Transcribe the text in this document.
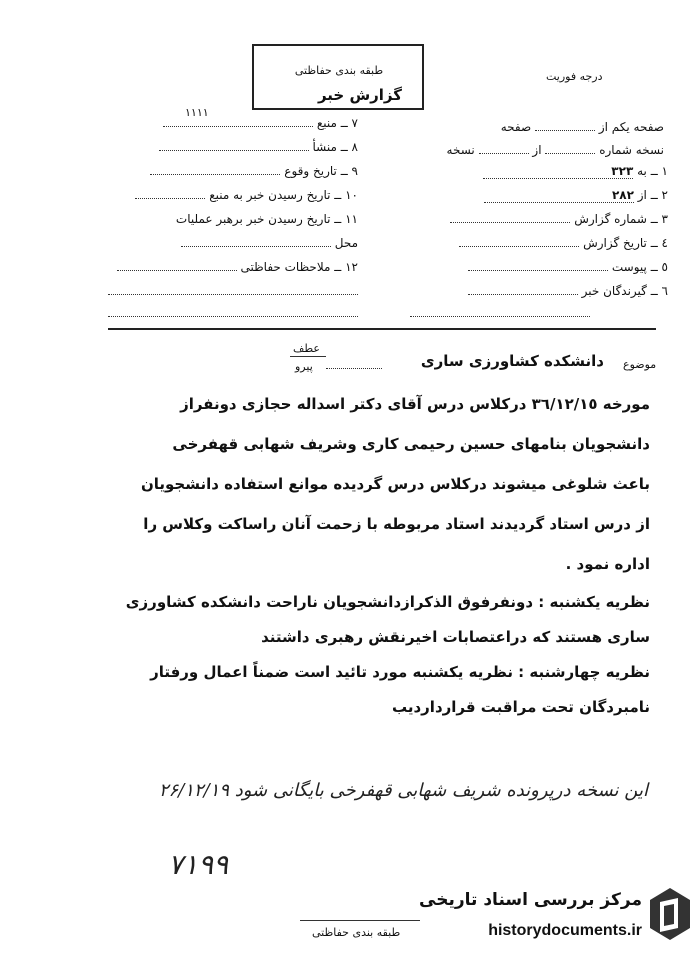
طبقه بندی حفاظتی
گزارش خبر
درجه فوریت
١١١١
صفحه یکم از  صفحه
نسخه شماره  از  نسخه
١ ــ به ٣٢٣
٢ ــ از ٢٨٢
٣ ــ شماره گزارش
٤ ــ تاریخ گزارش
٥ ــ پیوست
٦ ــ گیرندگان خبر
٧ ــ منبع
٨ ــ منشأ
٩ ــ تاریخ وقوع
١٠ ــ تاریخ رسیدن خبر به منبع
١١ ــ تاریخ رسیدن خبر برهبر عملیات
محل
١٢ ــ ملاحظات حفاظتی
عطف
پیرو	موضوع
دانشکده کشاورزی ساری
مورخه ٣٦/١٢/١٥ درکلاس درس آقای دکتر اسداله حجازی دونفراز
دانشجویان بنامهای حسین رحیمی کاری وشریف شهابی قهفرخی
باعث شلوغی میشوند درکلاس درس گردیده موانع استفاده دانشجویان
از درس استاد گردیدند استاد مربوطه با زحمت آنان راساکت وکلاس را
اداره نمود .
نظریه یکشنبه : دونفرفوق الذکرازدانشجویان ناراحت دانشکده کشاورزی
ساری هستند که دراعتصابات اخیرنقش رهبری داشتند
نظریه چهارشنبه : نظریه یکشنبه مورد تائید است ضمناً اعمال ورفتار
نامبردگان تحت مراقبت قرارداردیب
این نسخه درپرونده شریف شهابی قهفرخی بایگانی شود ۲۶/۱۲/۱۹
٧١٩٩
طبقه بندی حفاظتی
مرکز بررسی اسناد تاریخی
historydocuments.ir
